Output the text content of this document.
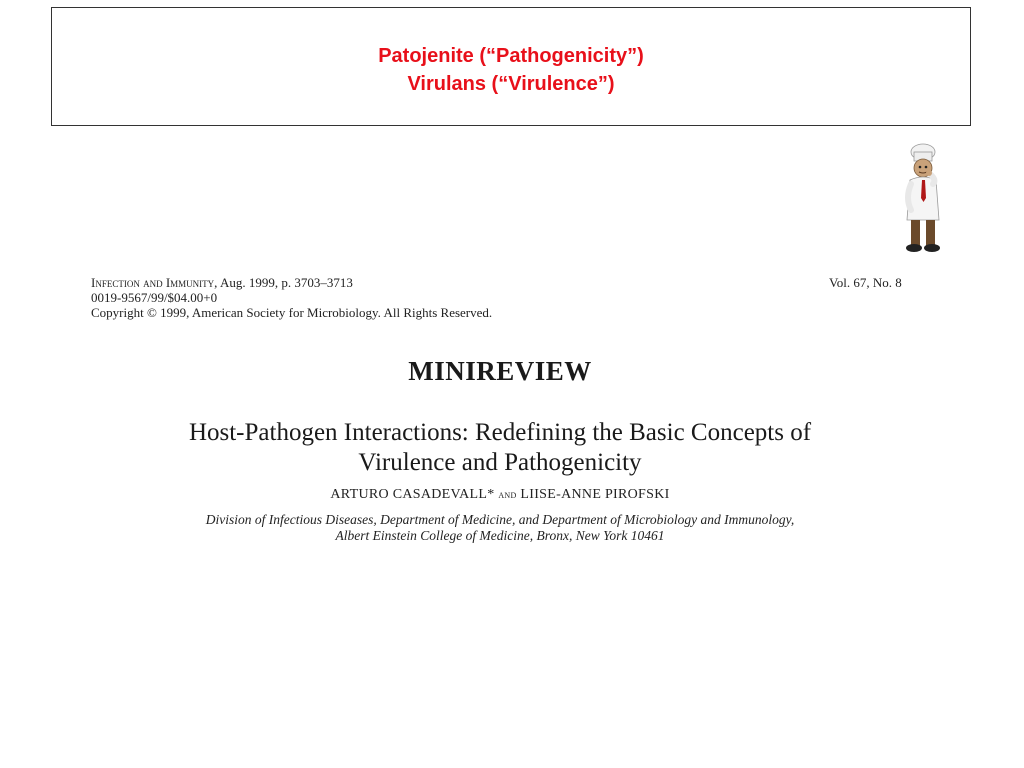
Patojenite (“Pathogenicity”)
Virulans (“Virulence”)
Infection and Immunity, Aug. 1999, p. 3703–3713
0019-9567/99/$04.00+0
Copyright © 1999, American Society for Microbiology. All Rights Reserved.
Vol. 67, No. 8
MINIREVIEW
Host-Pathogen Interactions: Redefining the Basic Concepts of
Virulence and Pathogenicity
ARTURO CASADEVALL* and LIISE-ANNE PIROFSKI
Division of Infectious Diseases, Department of Medicine, and Department of Microbiology and Immunology,
Albert Einstein College of Medicine, Bronx, New York 10461
